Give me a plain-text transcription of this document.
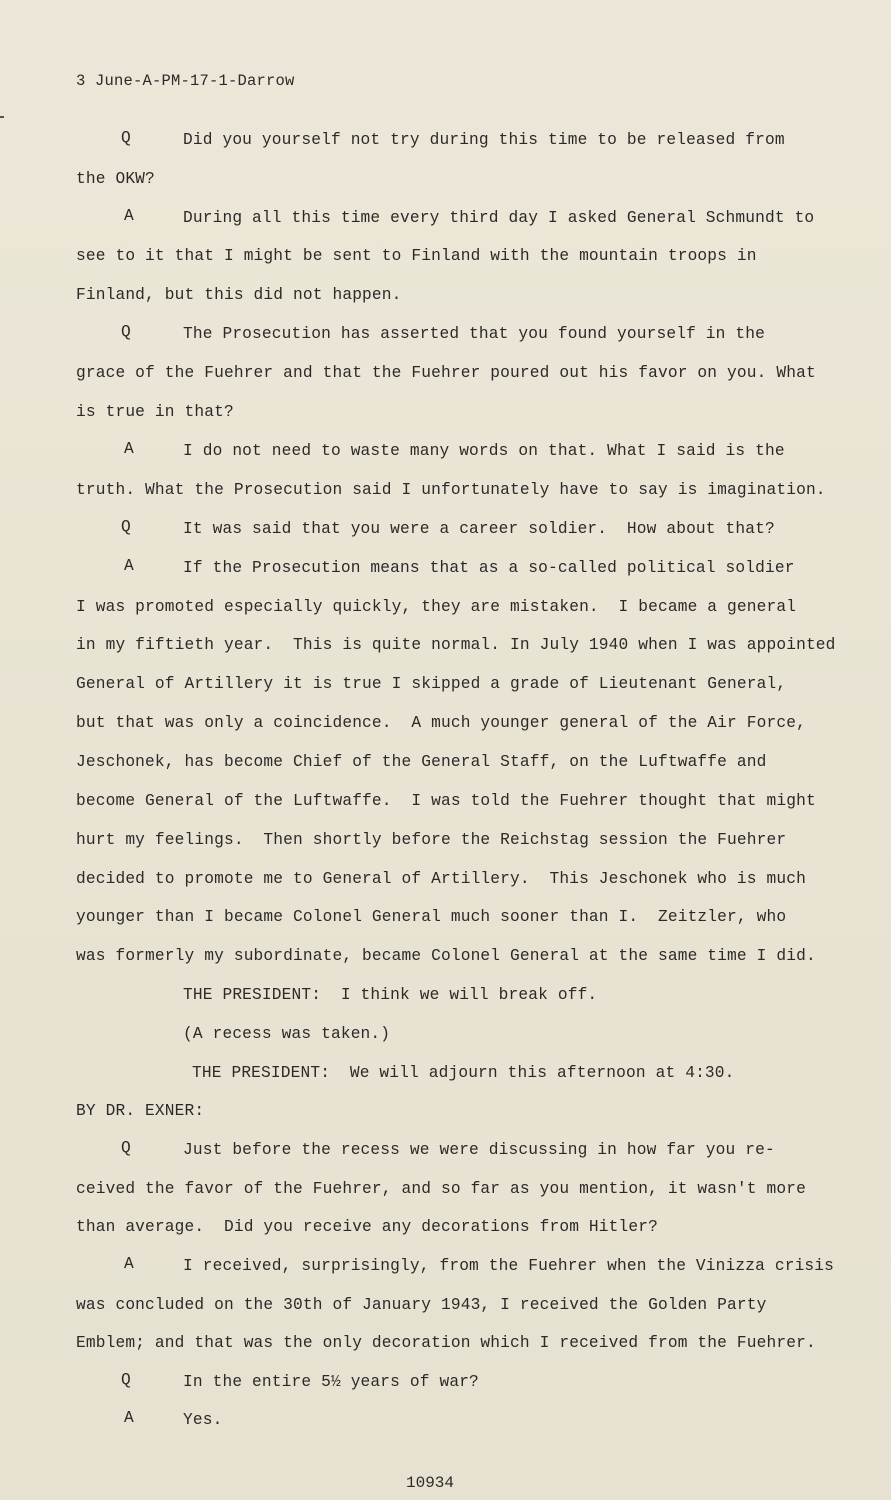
3 June-A-PM-17-1-Darrow
Q
A
Q
A
Q
A
Q
A
Q
A
Did you yourself not try during this time to be released from
the OKW?
During all this time every third day I asked General Schmundt to
see to it that I might be sent to Finland with the mountain troops in
Finland, but this did not happen.
The Prosecution has asserted that you found yourself in the
grace of the Fuehrer and that the Fuehrer poured out his favor on you. What
is true in that?
I do not need to waste many words on that. What I said is the
truth. What the Prosecution said I unfortunately have to say is imagination.
It was said that you were a career soldier.  How about that?
If the Prosecution means that as a so-called political soldier
I was promoted especially quickly, they are mistaken.  I became a general
in my fiftieth year.  This is quite normal. In July 1940 when I was appointed
General of Artillery it is true I skipped a grade of Lieutenant General,
but that was only a coincidence.  A much younger general of the Air Force,
Jeschonek, has become Chief of the General Staff, on the Luftwaffe and
become General of the Luftwaffe.  I was told the Fuehrer thought that might
hurt my feelings.  Then shortly before the Reichstag session the Fuehrer
decided to promote me to General of Artillery.  This Jeschonek who is much
younger than I became Colonel General much sooner than I.  Zeitzler, who
was formerly my subordinate, became Colonel General at the same time I did.
THE PRESIDENT:  I think we will break off.
(A recess was taken.)
THE PRESIDENT:  We will adjourn this afternoon at 4:30.
BY DR. EXNER:
Just before the recess we were discussing in how far you re-
ceived the favor of the Fuehrer, and so far as you mention, it wasn't more
than average.  Did you receive any decorations from Hitler?
I received, surprisingly, from the Fuehrer when the Vinizza crisis
was concluded on the 30th of January 1943, I received the Golden Party
Emblem; and that was the only decoration which I received from the Fuehrer.
In the entire 5½ years of war?
Yes.
10934
